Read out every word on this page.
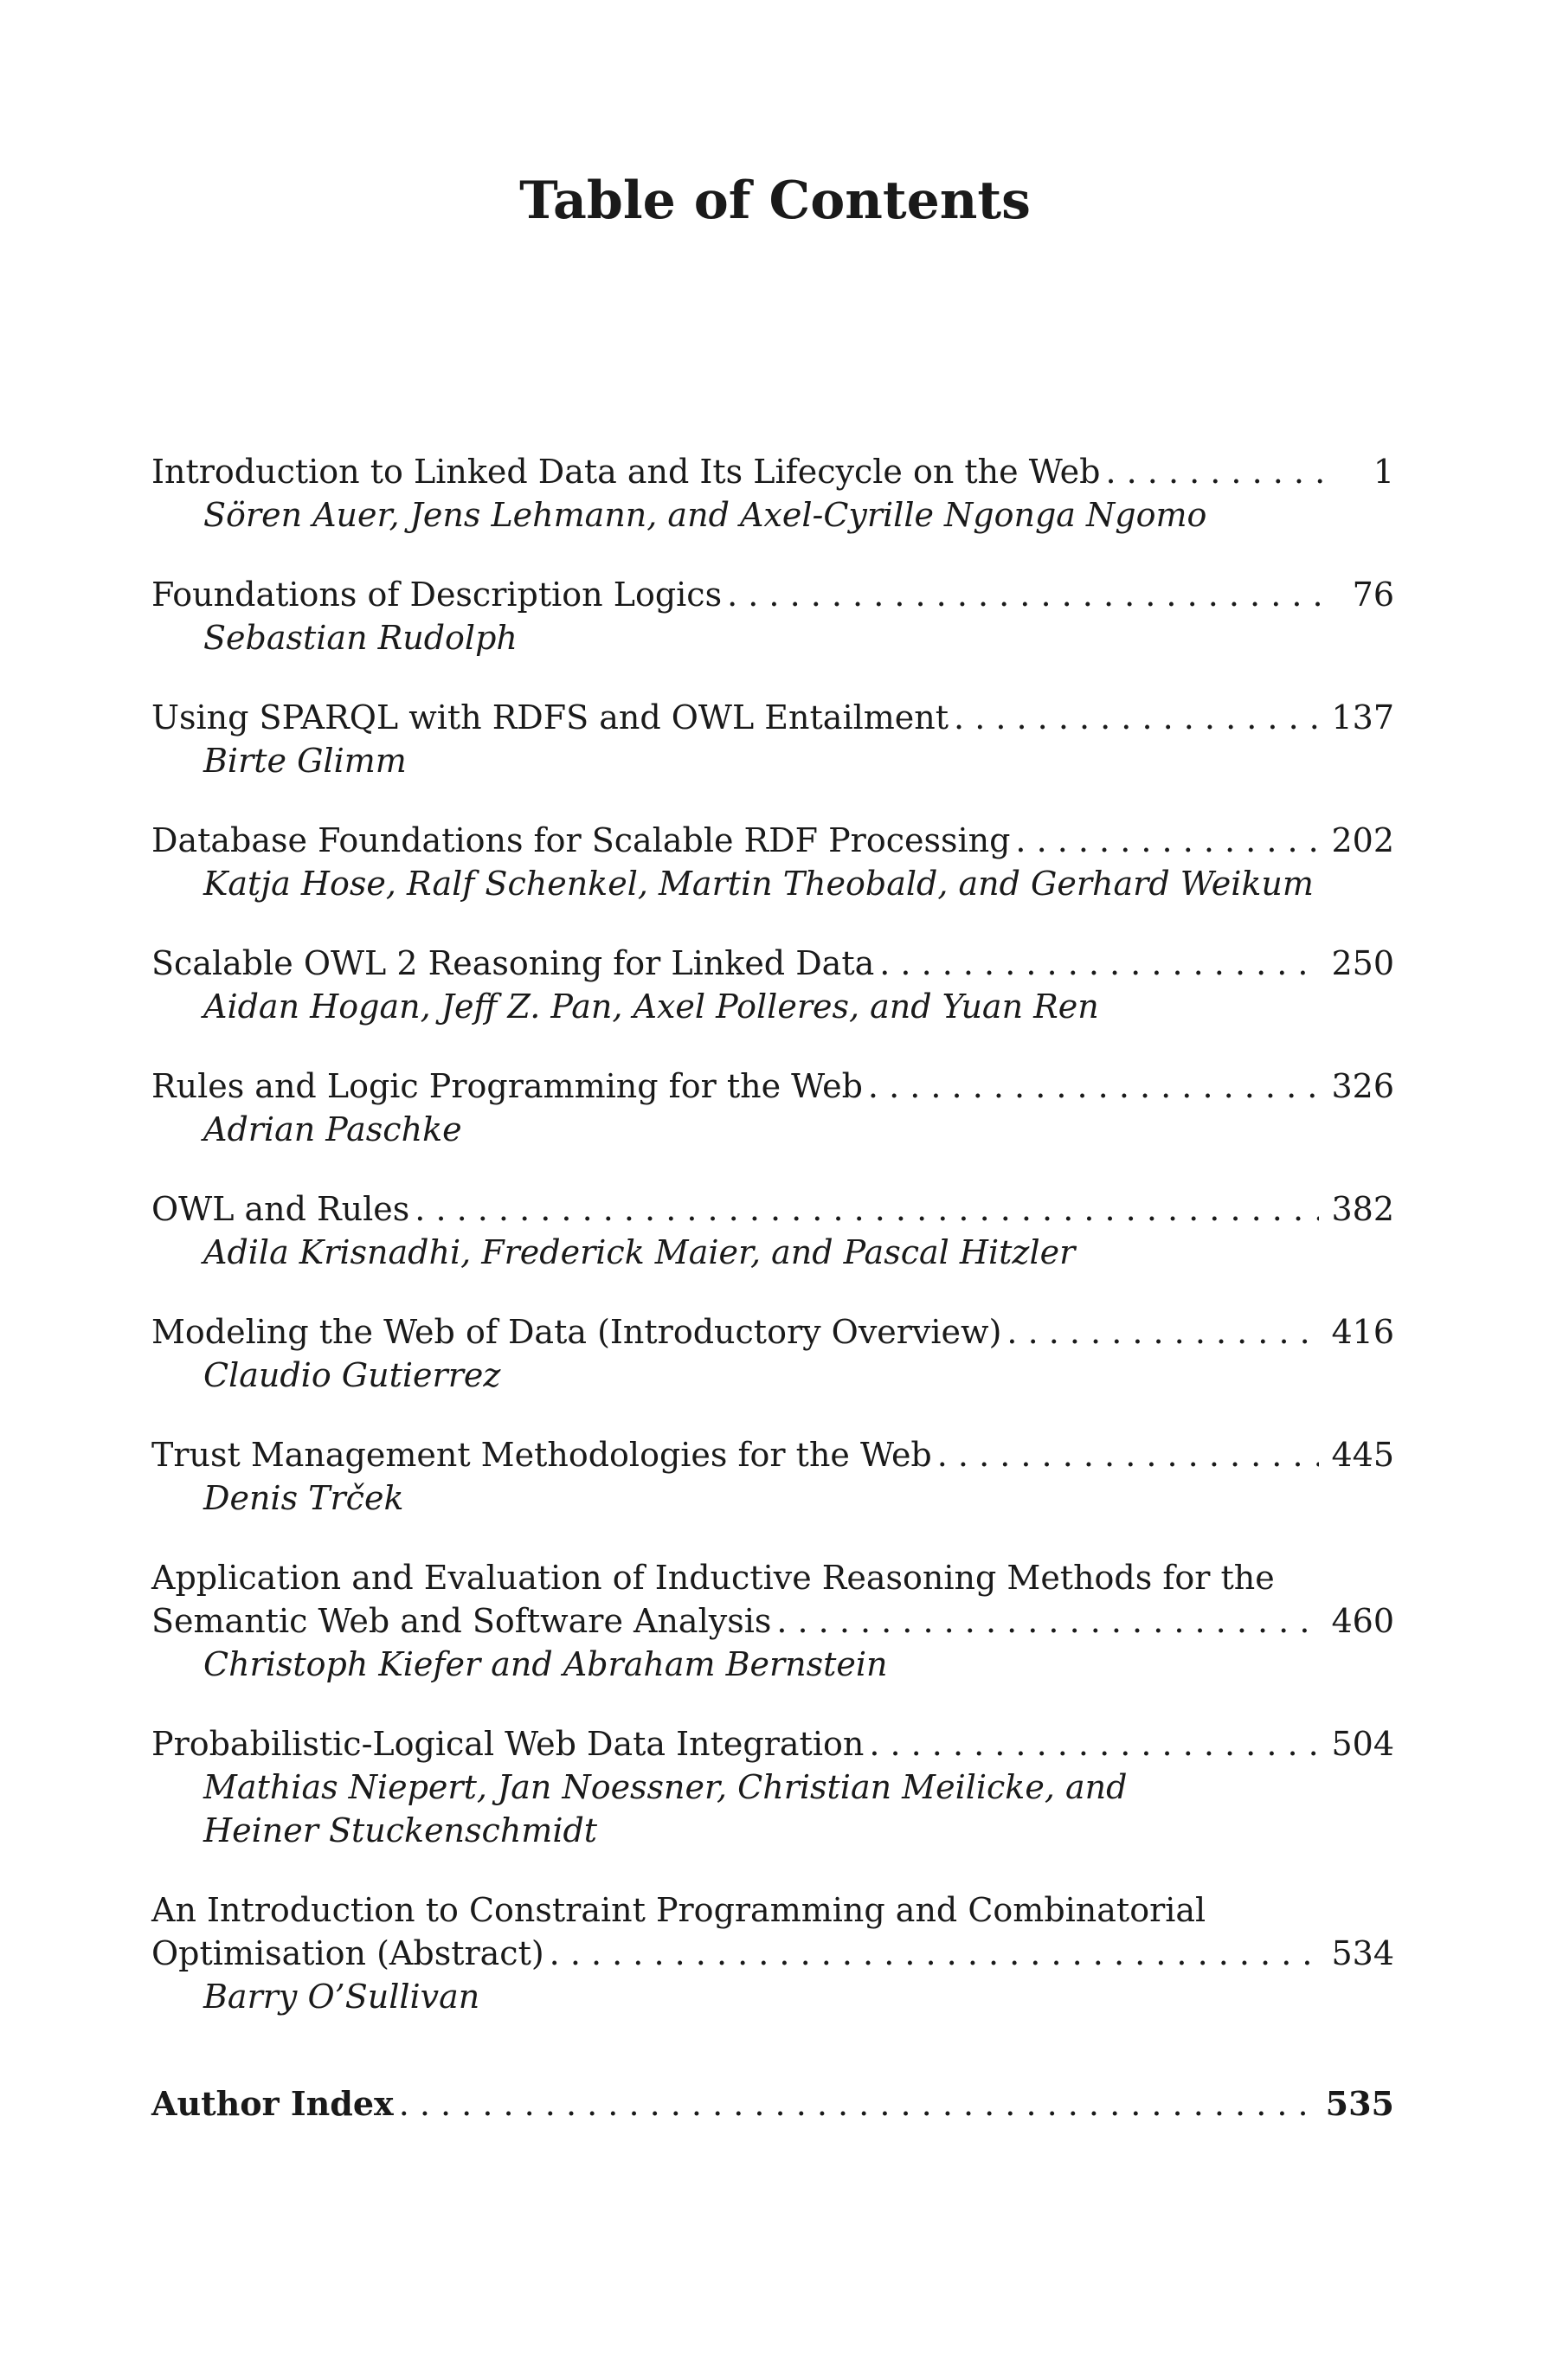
Table of Contents
Introduction to Linked Data and Its Lifecycle on the Web . . .	1
Sören Auer, Jens Lehmann, and Axel-Cyrille Ngonga Ngomo
Foundations of Description Logics . . .	76
Sebastian Rudolph
Using SPARQL with RDFS and OWL Entailment . . .	137
Birte Glimm
Database Foundations for Scalable RDF Processing . . .	202
Katja Hose, Ralf Schenkel, Martin Theobald, and Gerhard Weikum
Scalable OWL 2 Reasoning for Linked Data . . .	250
Aidan Hogan, Jeff Z. Pan, Axel Polleres, and Yuan Ren
Rules and Logic Programming for the Web . . .	326
Adrian Paschke
OWL and Rules . . .	382
Adila Krisnadhi, Frederick Maier, and Pascal Hitzler
Modeling the Web of Data (Introductory Overview) . . .	416
Claudio Gutierrez
Trust Management Methodologies for the Web . . .	445
Denis Trček
Application and Evaluation of Inductive Reasoning Methods for the
Semantic Web and Software Analysis . . .	460
Christoph Kiefer and Abraham Bernstein
Probabilistic-Logical Web Data Integration . . .	504
Mathias Niepert, Jan Noessner, Christian Meilicke, and
Heiner Stuckenschmidt
An Introduction to Constraint Programming and Combinatorial
Optimisation (Abstract) . . .	534
Barry O’Sullivan
Author Index . . .	535
